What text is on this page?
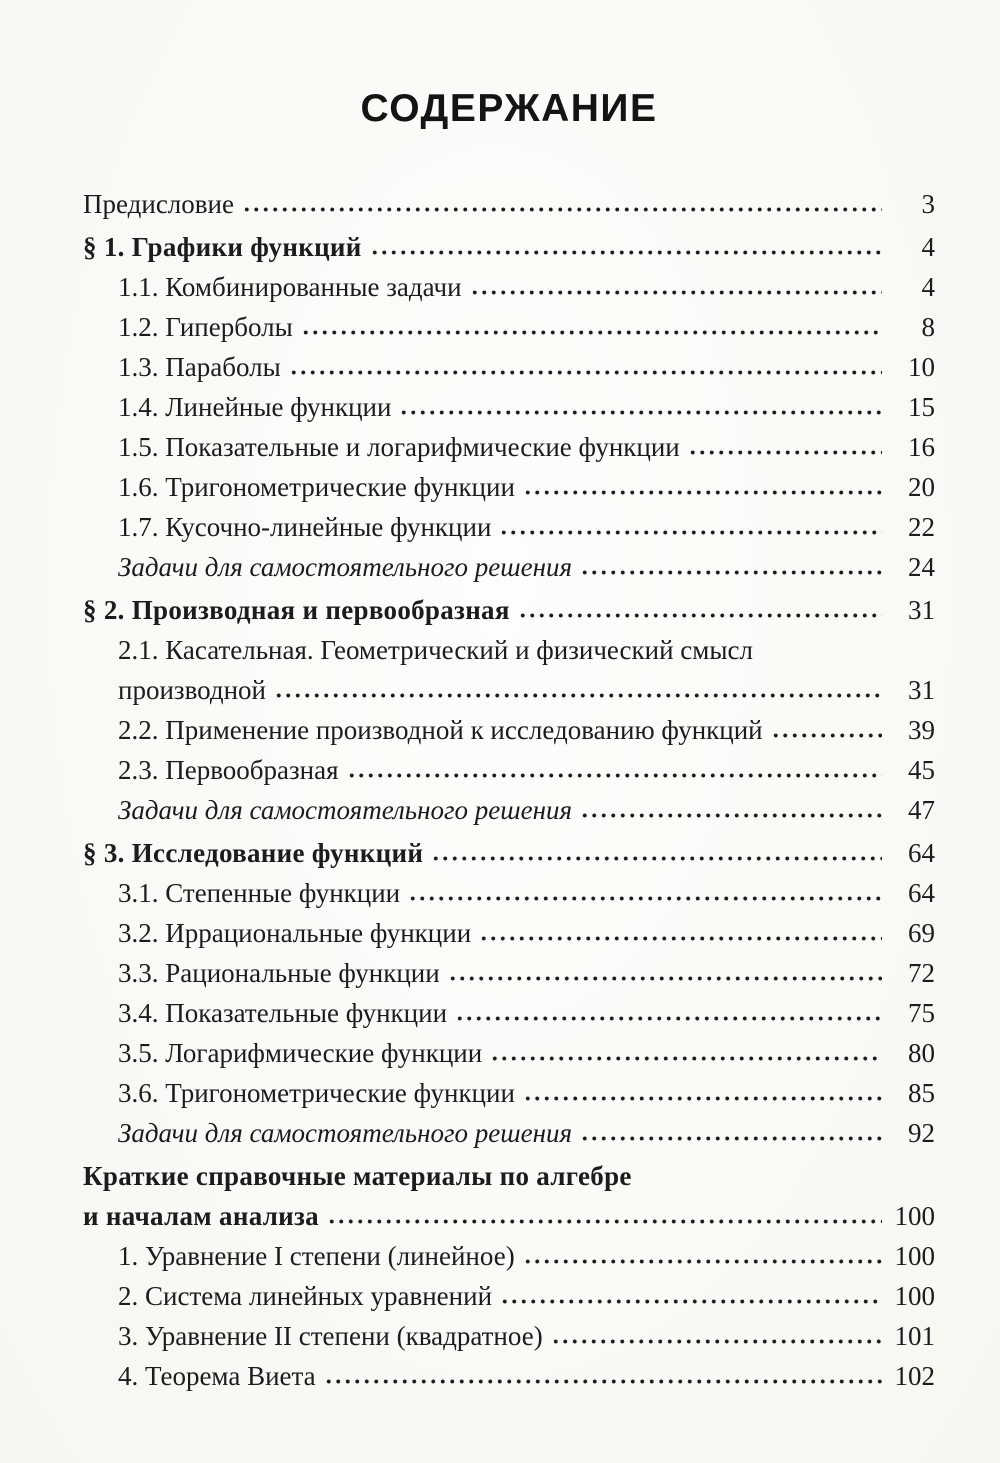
СОДЕРЖАНИЕ
Предисловие	3
§ 1. Графики функций	4
1.1. Комбинированные задачи	4
1.2. Гиперболы	8
1.3. Параболы	10
1.4. Линейные функции	15
1.5. Показательные и логарифмические функции	16
1.6. Тригонометрические функции	20
1.7. Кусочно-линейные функции	22
Задачи для самостоятельного решения	24
§ 2. Производная и первообразная	31
2.1. Касательная. Геометрический и физический смысл
производной	31
2.2. Применение производной к исследованию функций	39
2.3. Первообразная	45
Задачи для самостоятельного решения	47
§ 3. Исследование функций	64
3.1. Степенные функции	64
3.2. Иррациональные функции	69
3.3. Рациональные функции	72
3.4. Показательные функции	75
3.5. Логарифмические функции	80
3.6. Тригонометрические функции	85
Задачи для самостоятельного решения	92
Краткие справочные материалы по алгебре
и началам анализа	100
1. Уравнение I степени (линейное)	100
2. Система линейных уравнений	100
3. Уравнение II степени (квадратное)	101
4. Теорема Виета	102
